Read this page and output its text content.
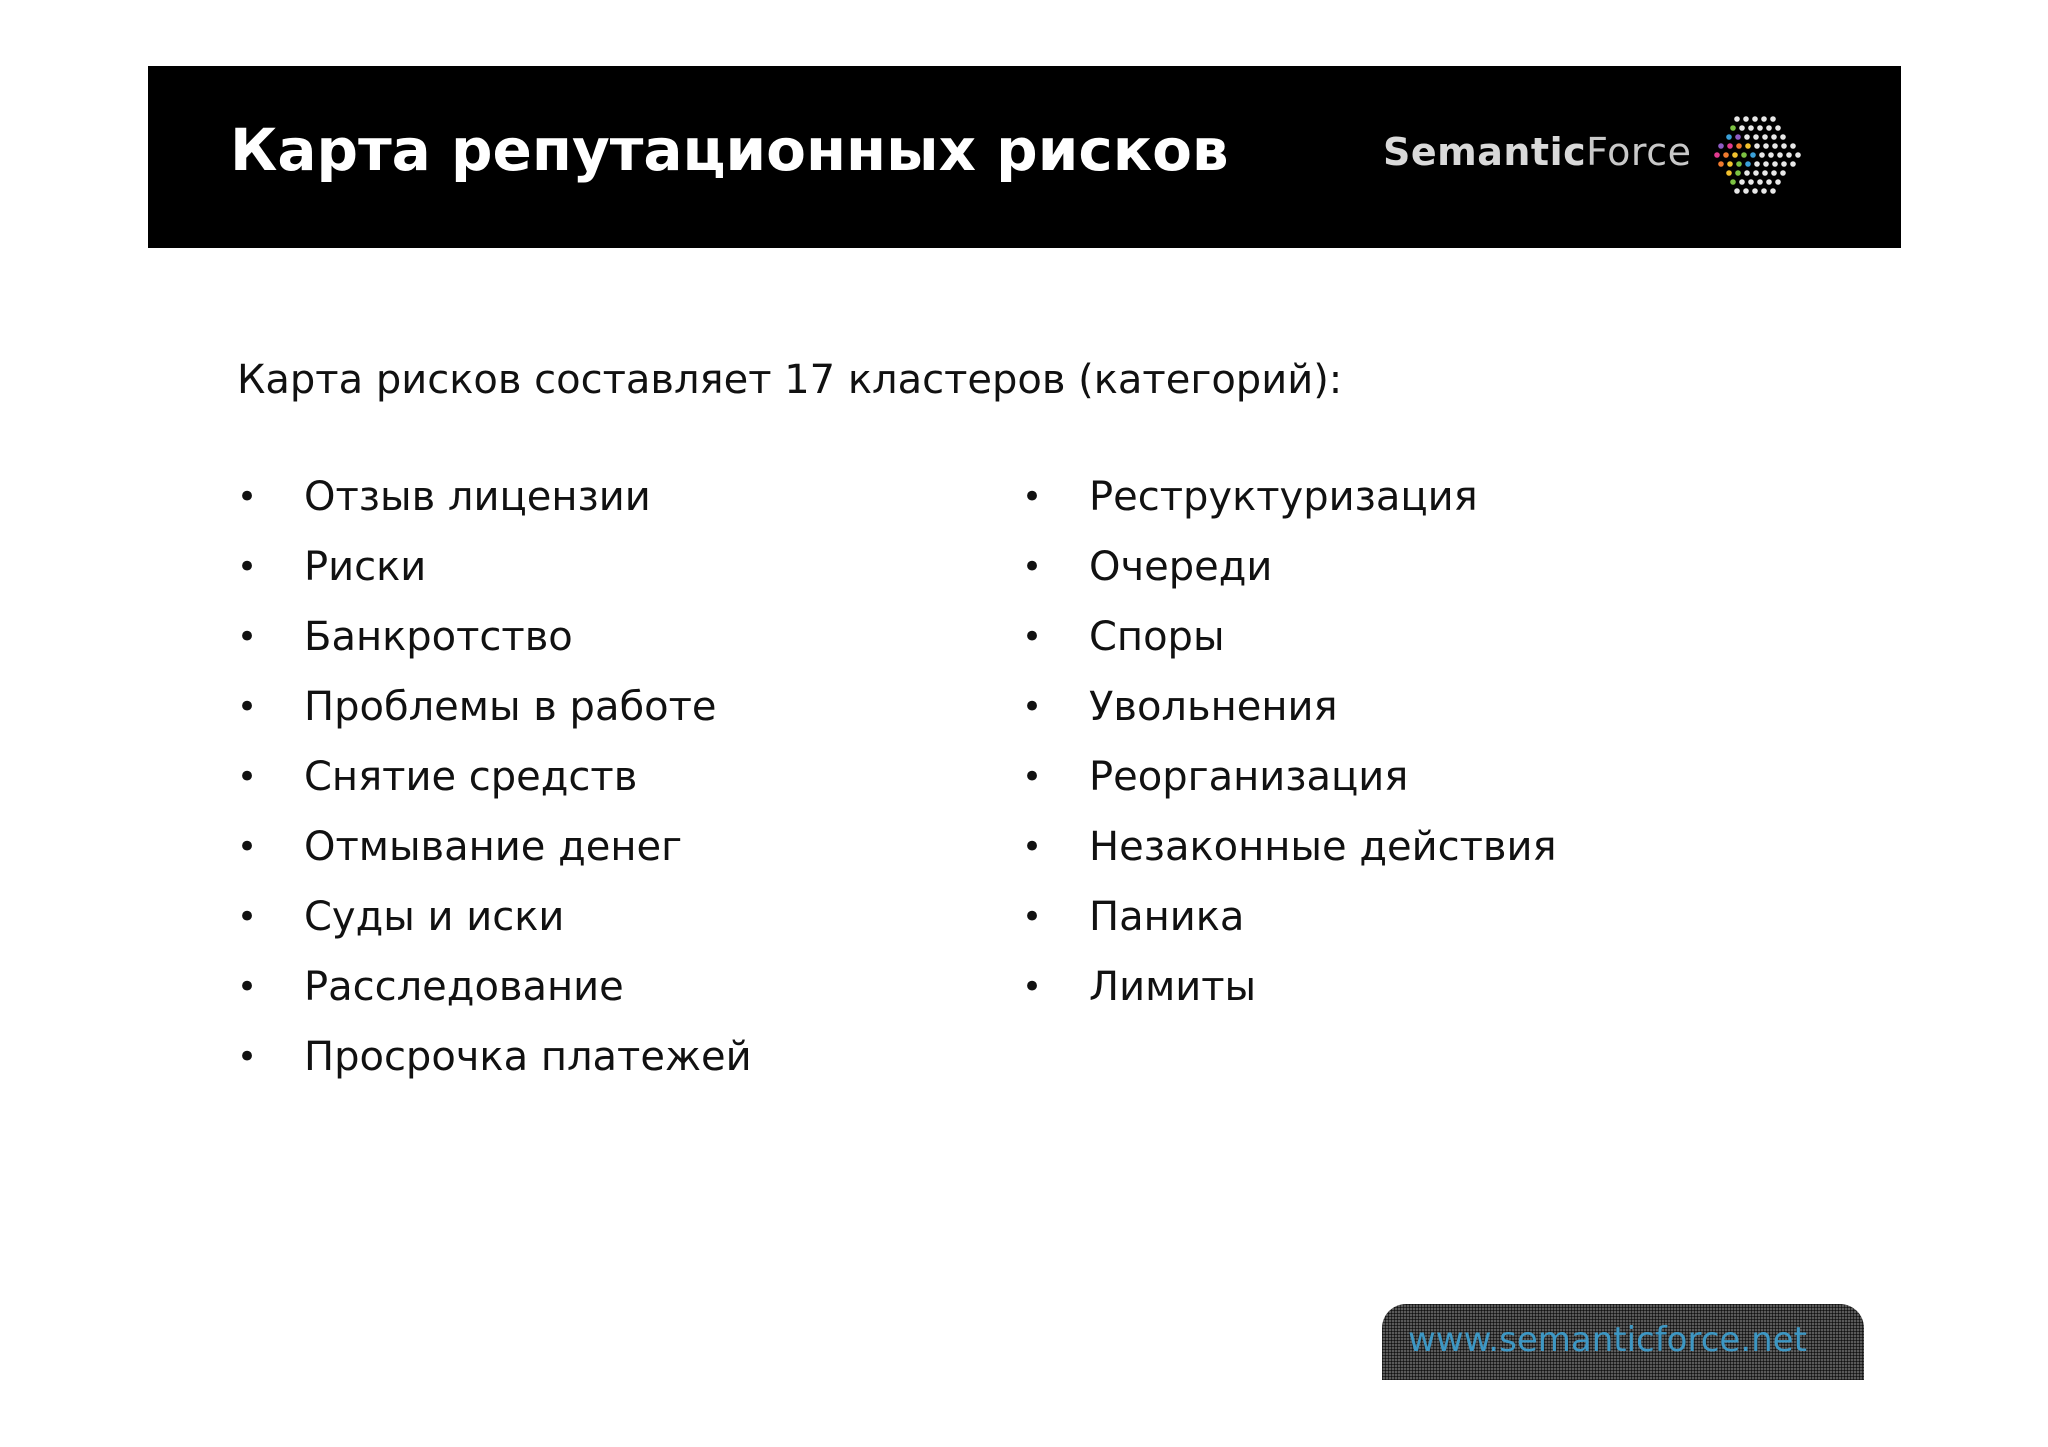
Карта репутационных рисков	SemanticForce
Карта рисков составляет 17 кластеров (категорий):
• Отзыв лицензии
• Риски
• Банкротство
• Проблемы в работе
• Снятие средств
• Отмывание денег
• Суды и иски
• Расследование
• Просрочка платежей
• Реструктуризация
• Очереди
• Споры
• Увольнения
• Реорганизация
• Незаконные действия
• Паника
• Лимиты
www.semanticforce.net
